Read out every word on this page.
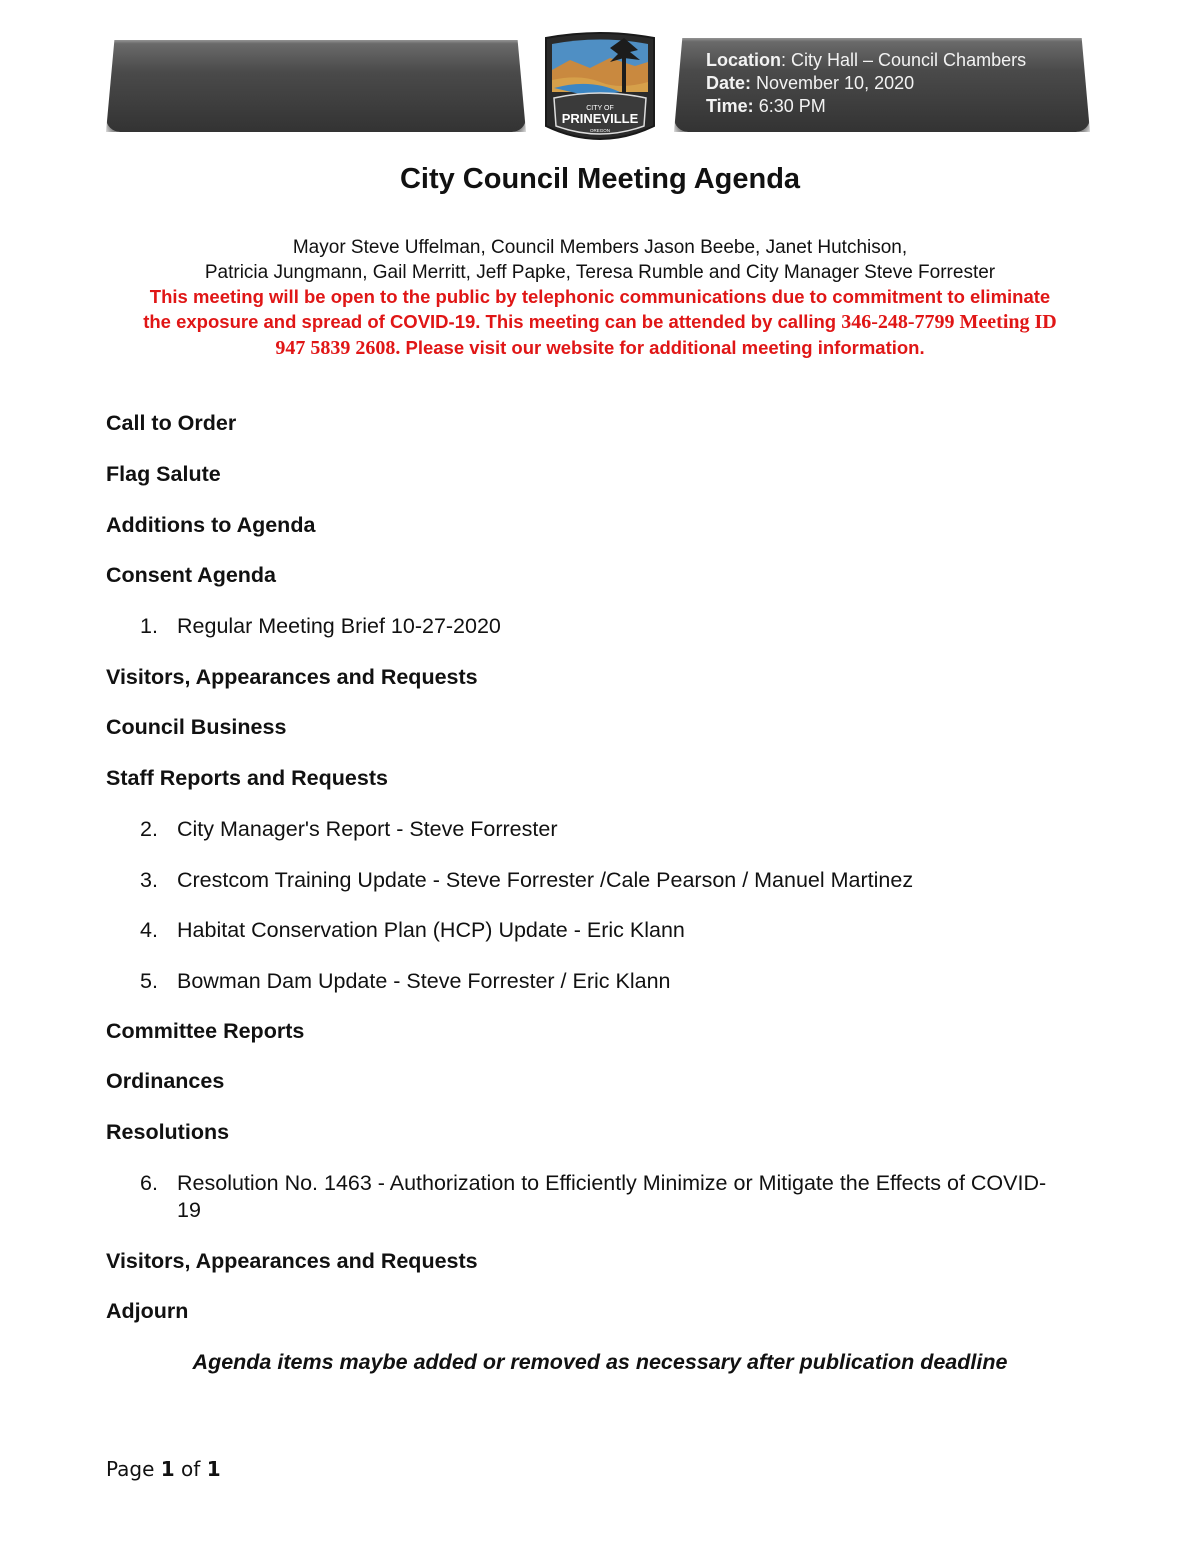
Location: City Hall – Council Chambers
Date: November 10, 2020
Time: 6:30 PM
CITY OF
PRINEVILLE
OREGON
City Council Meeting Agenda
Mayor Steve Uffelman, Council Members Jason Beebe, Janet Hutchison,
Patricia Jungmann, Gail Merritt, Jeff Papke, Teresa Rumble and City Manager Steve Forrester
This meeting will be open to the public by telephonic communications due to commitment to eliminate
the exposure and spread of COVID-19. This meeting can be attended by calling 346-248-7799 Meeting ID
947 5839 2608. Please visit our website for additional meeting information.
Call to Order
Flag Salute
Additions to Agenda
Consent Agenda
1. Regular Meeting Brief 10-27-2020
Visitors, Appearances and Requests
Council Business
Staff Reports and Requests
2. City Manager's Report - Steve Forrester
3. Crestcom Training Update - Steve Forrester /Cale Pearson / Manuel Martinez
4. Habitat Conservation Plan (HCP) Update - Eric Klann
5. Bowman Dam Update - Steve Forrester / Eric Klann
Committee Reports
Ordinances
Resolutions
6. Resolution No. 1463 - Authorization to Efficiently Minimize or Mitigate the Effects of COVID-19
Visitors, Appearances and Requests
Adjourn
Agenda items maybe added or removed as necessary after publication deadline
Page 1 of 1
